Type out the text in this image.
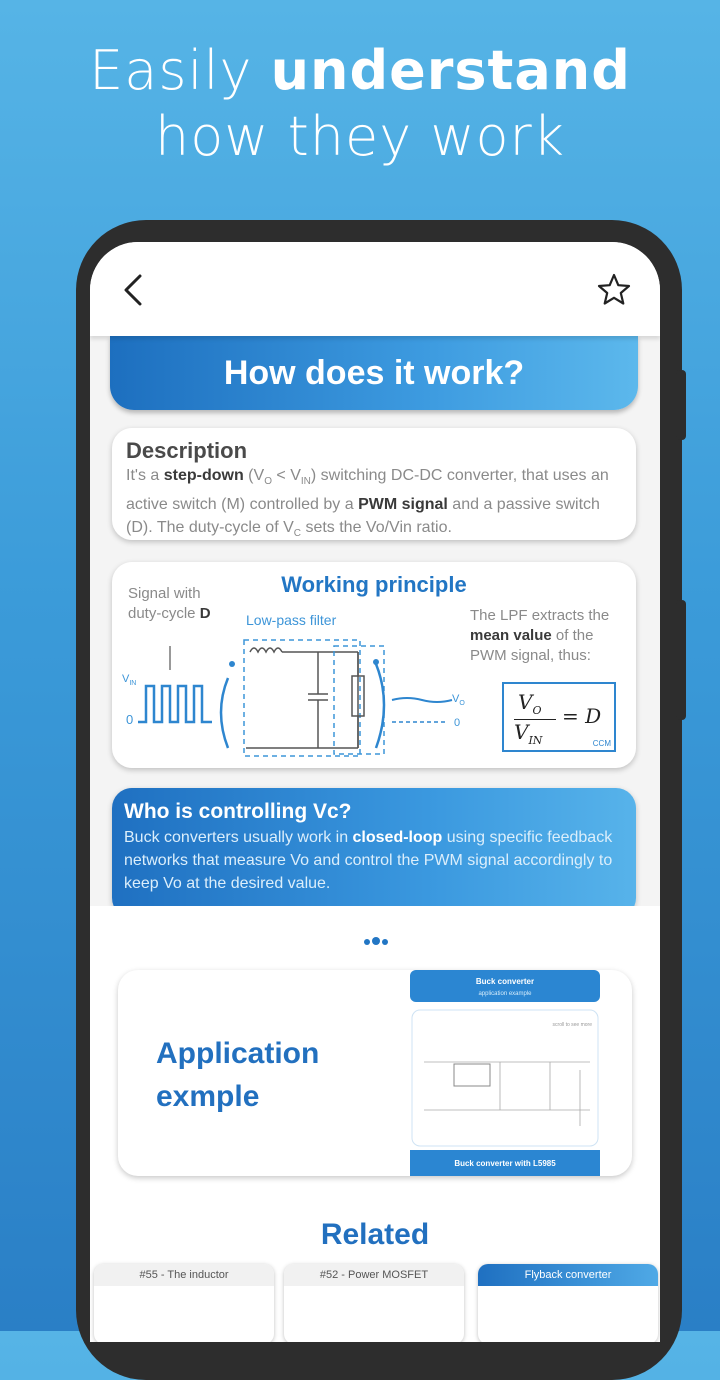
Easily understand
how they work
How does it work?
Description
It's a step-down $(V_O < V_{IN})$ switching DC-DC converter, that uses an active switch (M) controlled by a PWM signal and a passive switch (D). The duty-cycle of $V_C$ sets the Vo/Vin ratio.
Working principle
Signal with
duty-cycle D	Low-pass filter	The LPF extracts the mean value of the PWM signal, thus:
$V_{IN}$
0
$V_O$
0
$V_O$
$V_{IN}$
= D
CCM
Who is controlling Vc?
Buck converters usually work in closed-loop using specific feedback networks that measure Vo and control the PWM signal accordingly to keep Vo at the desired value.
Application
exmple
Buck converter
application example
scroll to see more
Buck converter with L5985
Related
#55 - The inductor	#52 - Power MOSFET	Flyback converter
